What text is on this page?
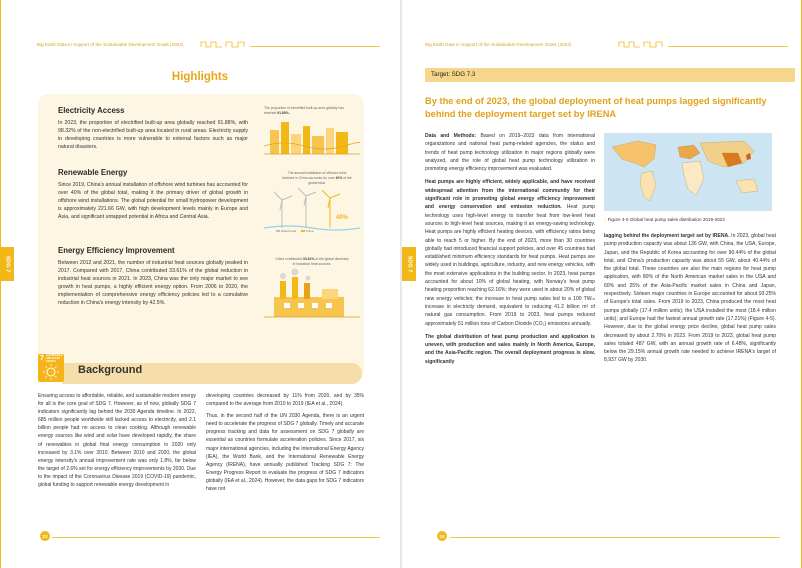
Big Earth Data in Support of the Sustainable Development Goals (2024)
SDG 7
Highlights
Electricity Access
In 2023, the proportion of electrified built-up area globally reached 91.88%, with 98.32% of the non-electrified built-up area located in rural areas. Electricity supply in developing countries is more vulnerable to external factors such as major natural disasters.
The proportion of electrified built-up area globally has reached 91.88%.
Renewable Energy
Since 2019, China's annual installation of offshore wind turbines has accounted for over 40% of the global total, making it the primary driver of global growth in offshore wind installations. The global potential for small hydropower development is approximately 221.66 GW, with high development levels mainly in Europe and Asia, and significant untapped potential in Africa and Central Asia.
The annual installation of offshore wind turbines in China accounts for over 40% of the global total.
40%
Global total	China
Energy Efficiency Improvement
Between 2012 and 2021, the number of industrial heat sources globally peaked in 2017. Compared with 2017, China contributed 33.61% of the global reduction in industrial heat sources in 2021. In 2023, China was the only major market to see growth in heat pumps, a highly efficient energy option. From 2006 to 2020, the implementation of comprehensive energy efficiency policies led to a cumulative reduction in China's energy intensity by 42.5%.
China contributed 33.61% of the global decrease in industrial heat sources.
7 AFFORDABLE AND CLEAN ENERGY
Background

Ensuring access to affordable, reliable, and sustainable modern energy for all is the core goal of SDG 7. However, as of now, globally SDG 7 indicators significantly lag behind the 2030 Agenda timeline. In 2022, 685 million people worldwide still lacked access to electricity, and 2.1 billion people had no access to clean cooking. Although renewable energy sources like wind and solar have developed rapidly, the share of renewables in global final energy consumption in 2020 only increased by 3.1% over 2010. Between 2010 and 2020, the global energy intensity's annual improvement rate was only 1.8%, far below the target of 2.6% set for energy efficiency improvements by 2030. Due to the impact of the Coronavirus Disease 2019 (COVID-19) pandemic, global funding to support renewable energy development in

developing countries decreased by 11% from 2020, and by 35% compared to the average from 2010 to 2019 (IEA et al., 2024).

Thus, in the second half of the UN 2030 Agenda, there is an urgent need to accelerate the progress of SDG 7 globally. Timely and accurate progress tracking and data for assessment on SDG 7 globally are essential as countries formulate acceleration policies. Since 2017, six major international agencies, including the International Energy Agency (IEA), the World Bank, and the International Renewable Energy Agency (IRENA), have annually published Tracking SDG 7: The Energy Progress Report to evaluate the progress of SDG 7 indicators globally (IEA et al., 2024). However, the data gaps for SDG 7 indicators have not

22
Big Earth Data in Support of the Sustainable Development Goals (2024)
SDG 7
Target: SDG 7.3
By the end of 2023, the global deployment of heat pumps lagged significantly behind the deployment target set by IRENA

Data and Methods: Based on 2019–2023 data from international organizations and national heat pump-related agencies, the status and trends of heat pump technology utilization in major regions globally were analyzed, and the role of global heat pump technology utilization in promoting energy efficiency improvement was evaluated.

Heat pumps are highly efficient, widely applicable, and have received widespread attention from the international community for their significant role in promoting global energy efficiency improvement and energy conservation and emission reduction. Heat pump technology uses high-level energy to transfer heat from low-level heat sources to high-level heat sources, making it an energy-saving technology. Heat pumps are highly efficient heating devices, with efficiency ratios being able to reach 5 or higher. By the end of 2023, more than 30 countries globally had introduced financial support policies, and over 45 countries had established minimum efficiency standards for heat pumps. Heat pumps are widely used in buildings, agriculture, industry, and new energy vehicles, with the most extensive applications in the building sector. In 2023, heat pumps accounted for about 10% of global heating, with Norway's heat pump heating proportion reaching 62.16%; they were used in about 20% of global new energy vehicles; the increase in heat pump sales led to a 100 TWₜₕ increase in electricity demand, equivalent to reducing 41.2 billion m³ of natural gas consumption. From 2019 to 2023, heat pumps reduced approximately 51 million tons of Carbon Dioxide (CO₂) emissions annually.

The global distribution of heat pump production and application is uneven, with production and sales mainly in North America, Europe, and the Asia-Pacific region. The overall deployment progress is slow, significantly

↑ Figure 4-5 Global heat pump sales distribution 2019-2023

lagging behind the deployment target set by IRENA. In 2023, global heat pump production capacity was about 136 GW, with China, the USA, Europe, Japan, and the Republic of Korea accounting for over 90.44% of the global total, and China's production capacity was about 55 GW, about 40.44% of the global total. These countries are also the main regions for heat pump application, with 80% of the North American market sales in the USA and 60% and 25% of the Asia-Pacific market sales in China and Japan, respectively. Sixteen major countries in Europe accounted for about 93.25% of Europe's total sales. From 2019 to 2023, China produced the most heat pumps globally (17.4 million units); the USA installed the most (18.4 million units); and Europe had the fastest annual growth rate (17.21%) (Figure 4-5). However, due to the global energy price decline, global heat pump sales decreased by about 2.70% in 2023. From 2019 to 2023, global heat pump sales totaled 487 GW, with an annual growth rate of 6.48%, significantly below the 29.15% annual growth rate needed to achieve IRENA's target of 8,937 GW by 2030.

24
